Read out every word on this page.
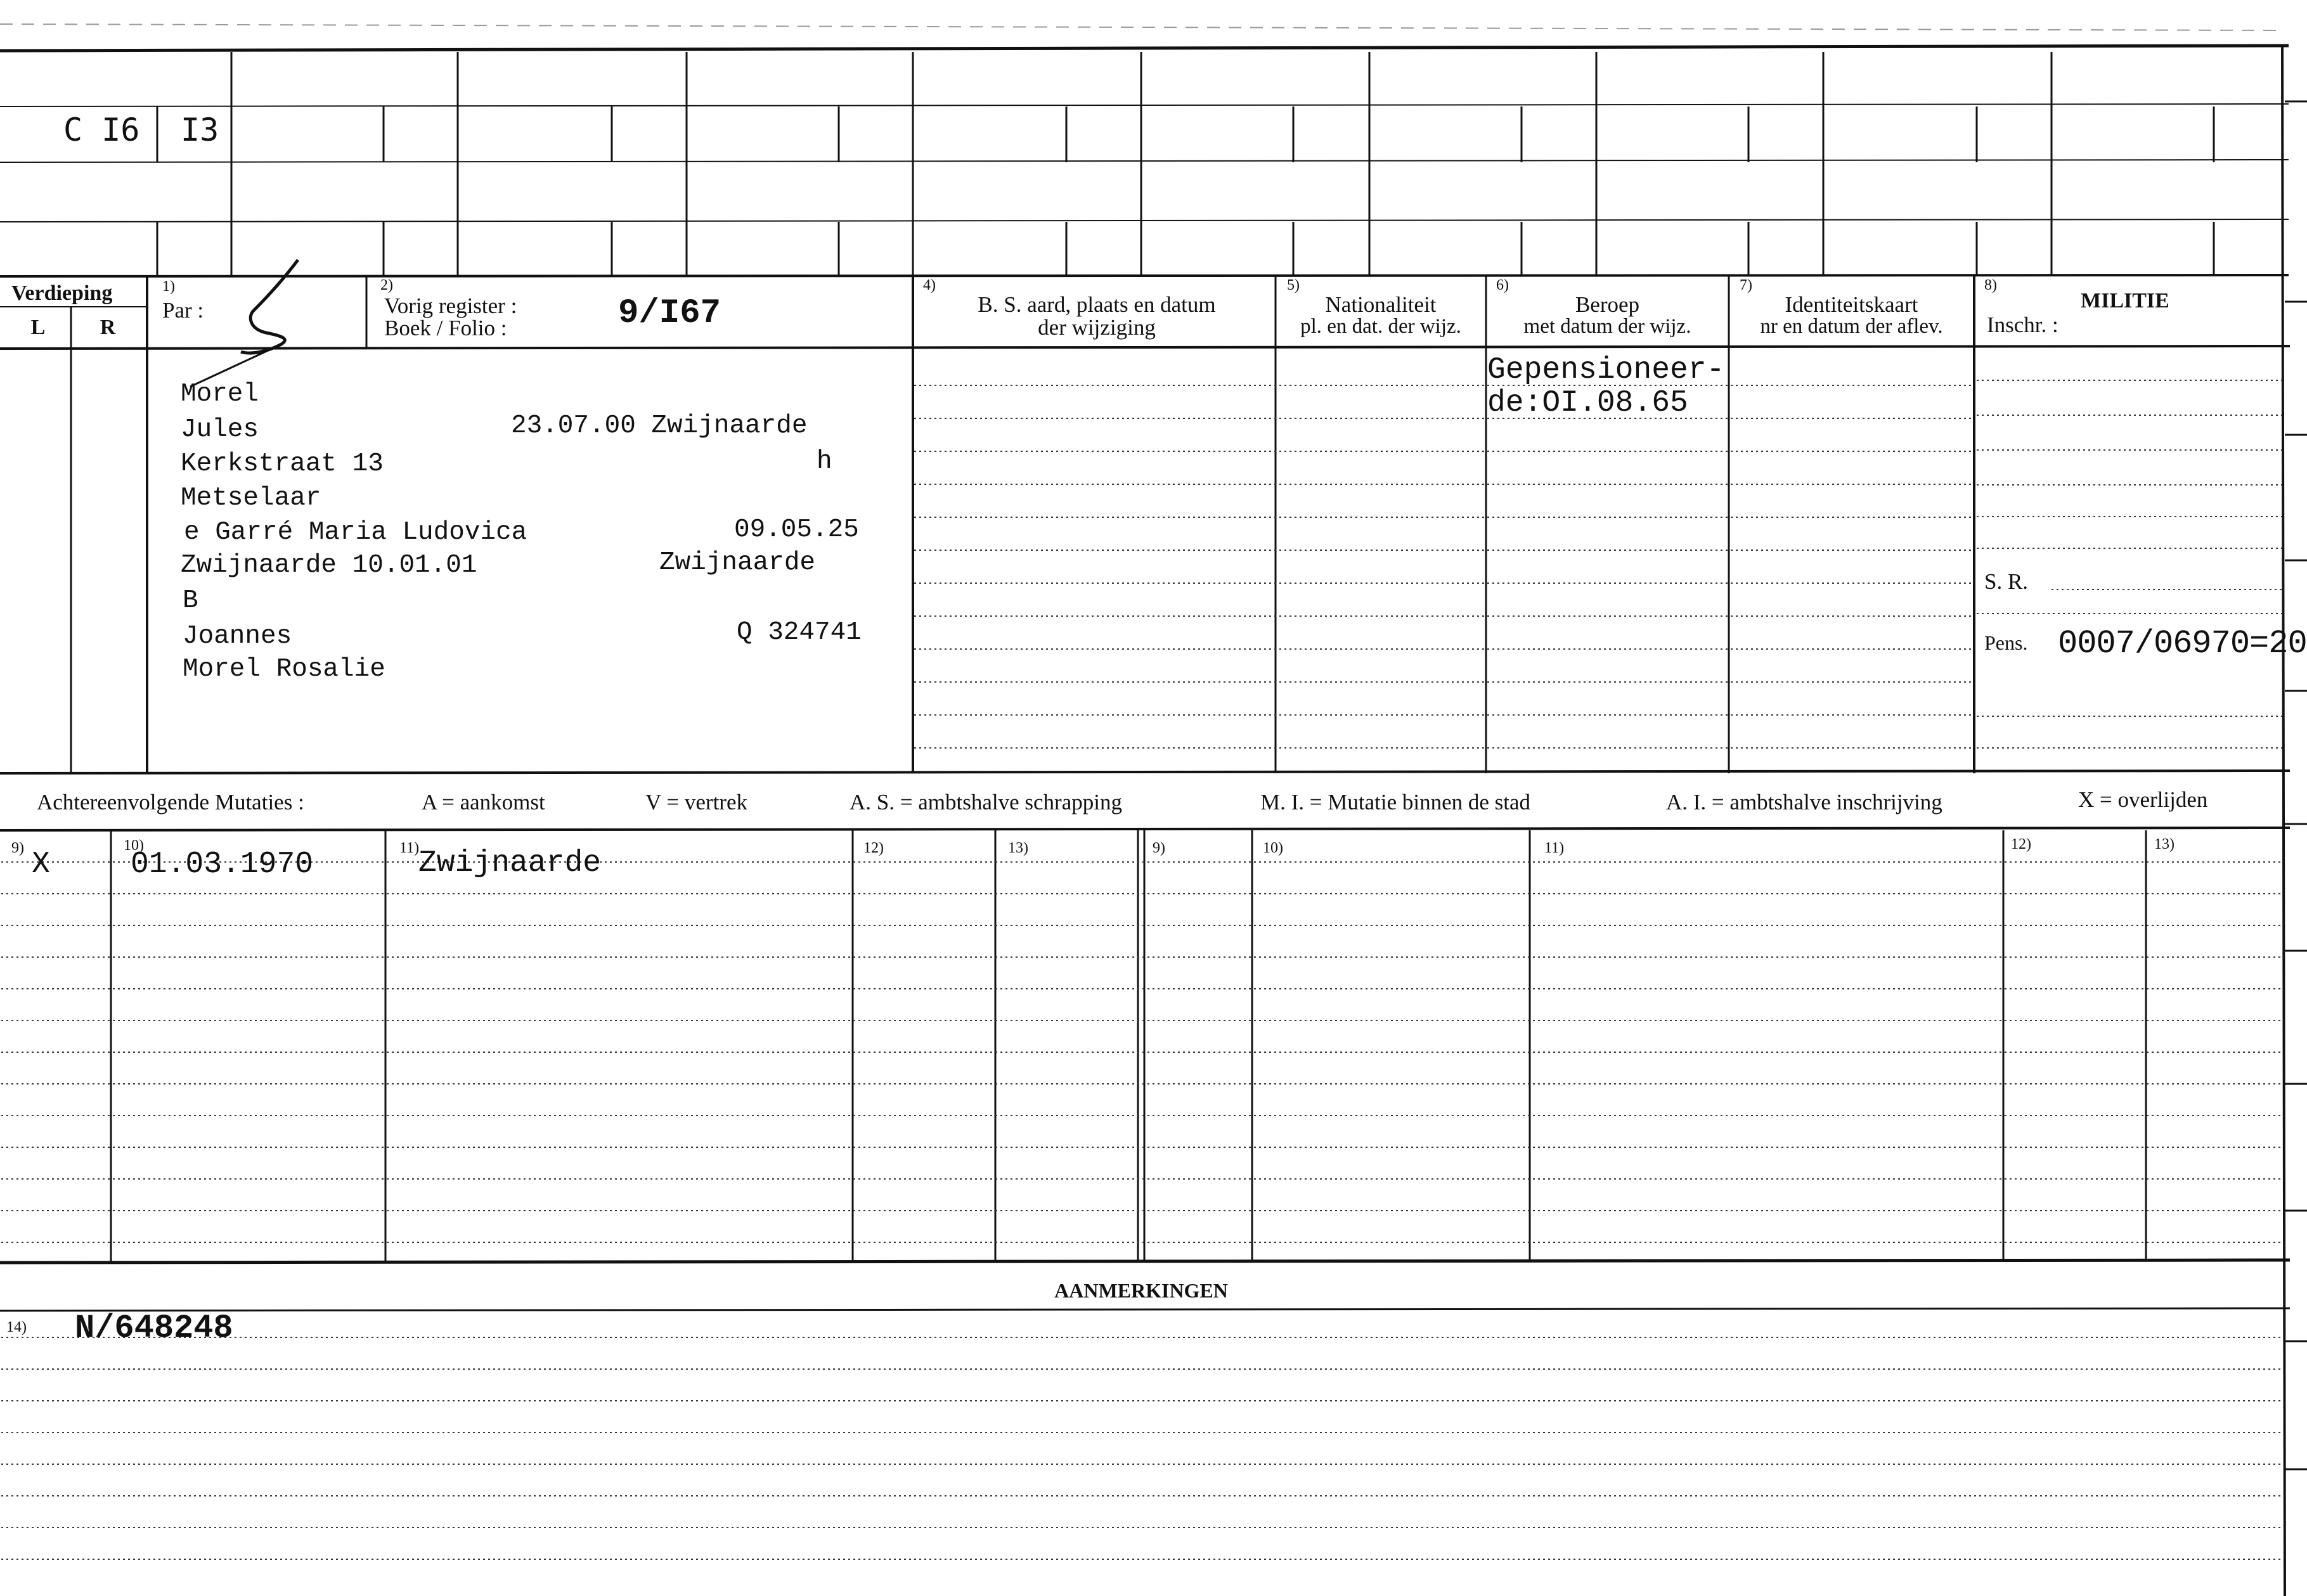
C I6 I3
Verdieping
L	R
1)
Par :
2)
Vorig register :
Boek / Folio :	9/I67
4)
B. S. aard, plaats en datum
der wijziging
5)
Nationaliteit
pl. en dat. der wijz.
6)
Beroep
met datum der wijz.
7)
Identiteitskaart
nr en datum der aflev.
8)
MILITIE
Inschr. :
Morel
Jules	23.07.00 Zwijnaarde
Kerkstraat 13	h
Metselaar
e Garré Maria Ludovica	09.05.25
Zwijnaarde 10.01.01	Zwijnaarde
B
Joannes	Q 324741
Morel Rosalie
Gepensioneer-
de:OI.08.65
S. R.
Pens. 0007/06970=20
Achtereenvolgende Mutaties :	A = aankomst	V = vertrek	A. S. = ambtshalve schrapping	M. I. = Mutatie binnen de stad	A. I. = ambtshalve inschrijving	X = overlijden
9)	10)	11)	12)	13)	9)	10)	11)	12)	13)
X	01.03.1970	Zwijnaarde
AANMERKINGEN
14) N/648248
